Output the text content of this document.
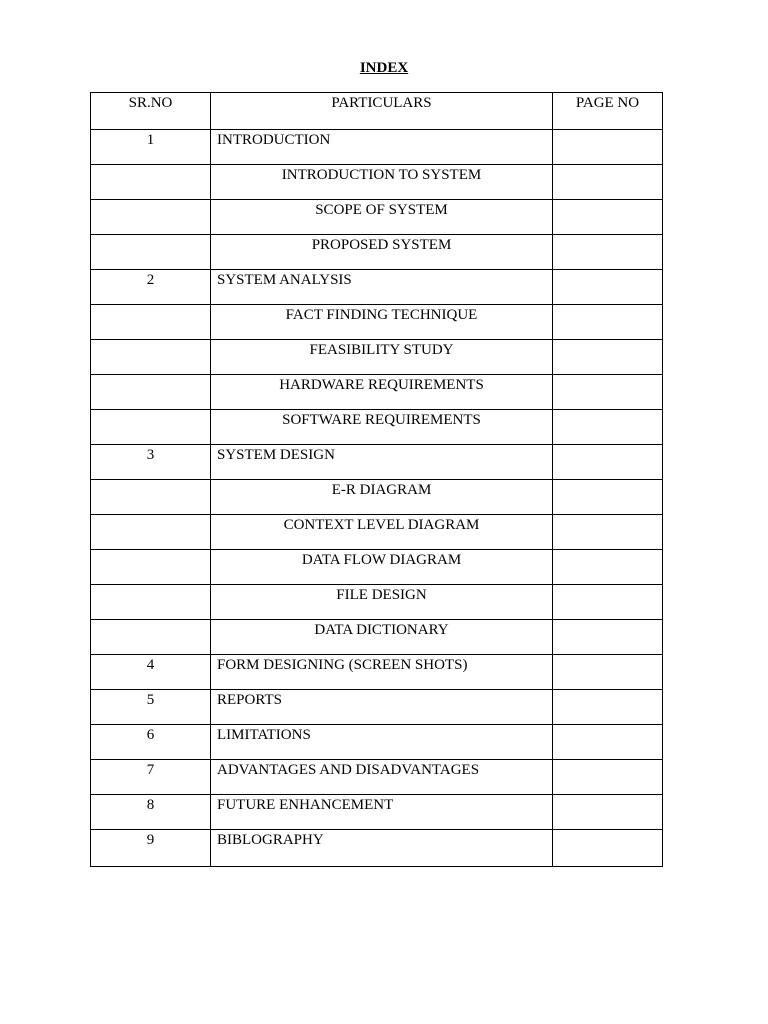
INDEX
SR.NO	PARTICULARS	PAGE NO
1	INTRODUCTION	
	INTRODUCTION TO SYSTEM	
	SCOPE OF SYSTEM	
	PROPOSED SYSTEM	
2	SYSTEM ANALYSIS	
	FACT FINDING TECHNIQUE	
	FEASIBILITY STUDY	
	HARDWARE REQUIREMENTS	
	SOFTWARE REQUIREMENTS	
3	SYSTEM DESIGN	
	E-R DIAGRAM	
	CONTEXT LEVEL DIAGRAM	
	DATA FLOW DIAGRAM	
	FILE DESIGN	
	DATA DICTIONARY	
4	FORM DESIGNING (SCREEN SHOTS)	
5	REPORTS	
6	LIMITATIONS	
7	ADVANTAGES AND DISADVANTAGES	
8	FUTURE ENHANCEMENT	
9	BIBLOGRAPHY	
